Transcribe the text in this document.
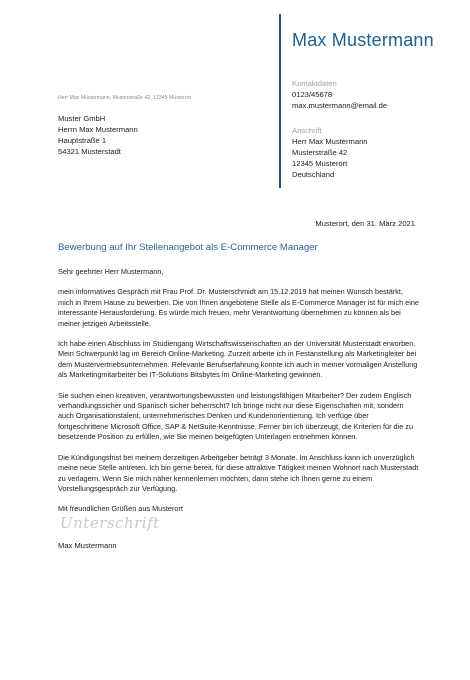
Max Mustermann
Kontaktdaten
0123/45678
max.mustermann@email.de
Anschrift
Herr Max Mustermann
Musterstraße 42
12345 Musterort
Deutschland
Herr Max Mustermann, Musterstraße 42, 12345 Musterort
Muster GmbH
Herrn Max Mustermann
Hauptstraße 1
54321 Musterstadt
Musterort, den 31. März 2021
Bewerbung auf Ihr Stellenangebot als E-Commerce Manager

Sehr geehrter Herr Mustermann,

mein informatives Gespräch mit Frau Prof. Dr. Musterschmidt am 15.12.2019 hat meinen Wunsch bestärkt, mich in Ihrem Hause zu bewerben. Die von Ihnen angebotene Stelle als E-Commerce Manager ist für mich eine interessante Herausforderung. Es würde mich freuen, mehr Verantwortung übernehmen zu können als bei meiner jetzigen Arbeitsstelle.

Ich habe einen Abschluss im Studiengang Wirtschaftswissenschaften an der Universität Musterstadt erworben. Mein Schwerpunkt lag im Bereich Online-Marketing. Zurzeit arbeite ich in Festanstellung als Marketingleiter bei dem Mustervertriebsunternehmen. Relevante Berufserfahrung konnte ich auch in meiner vormaligen Anstellung als Marketingmitarbeiter bei IT-Solutions Bitsbytes im Online-Marketing gewinnen.

Sie suchen einen kreativen, verantwortungsbewussten und leistungsfähigen Mitarbeiter? Der zudem Englisch verhandlungssicher und Spanisch sicher beherrscht? Ich bringe nicht nur diese Eigenschaften mit, sondern auch Organisationstalent, unternehmerisches Denken und Kundenorientierung. Ich verfüge über fortgeschrittene Microsoft Office, SAP & NetSuite-Kenntnisse. Ferner bin ich überzeugt, die Kriterien für die zu besetzende Position zu erfüllen, wie Sie meinen beigefügten Unterlagen entnehmen können.

Die Kündigungsfrist bei meinem derzeitigen Arbeitgeber beträgt 3 Monate. Im Anschluss kann ich unverzüglich meine neue Stelle antreten. Ich bin gerne bereit, für diese attraktive Tätigkeit meinen Wohnort nach Musterstadt zu verlagern. Wenn Sie mich näher kennenlernen möchten, dann stehe ich Ihnen gerne zu einem Vorstellungsgespräch zur Verfügung.

Mit freundlichen Grüßen aus Musterort

Unterschrift
Max Mustermann
